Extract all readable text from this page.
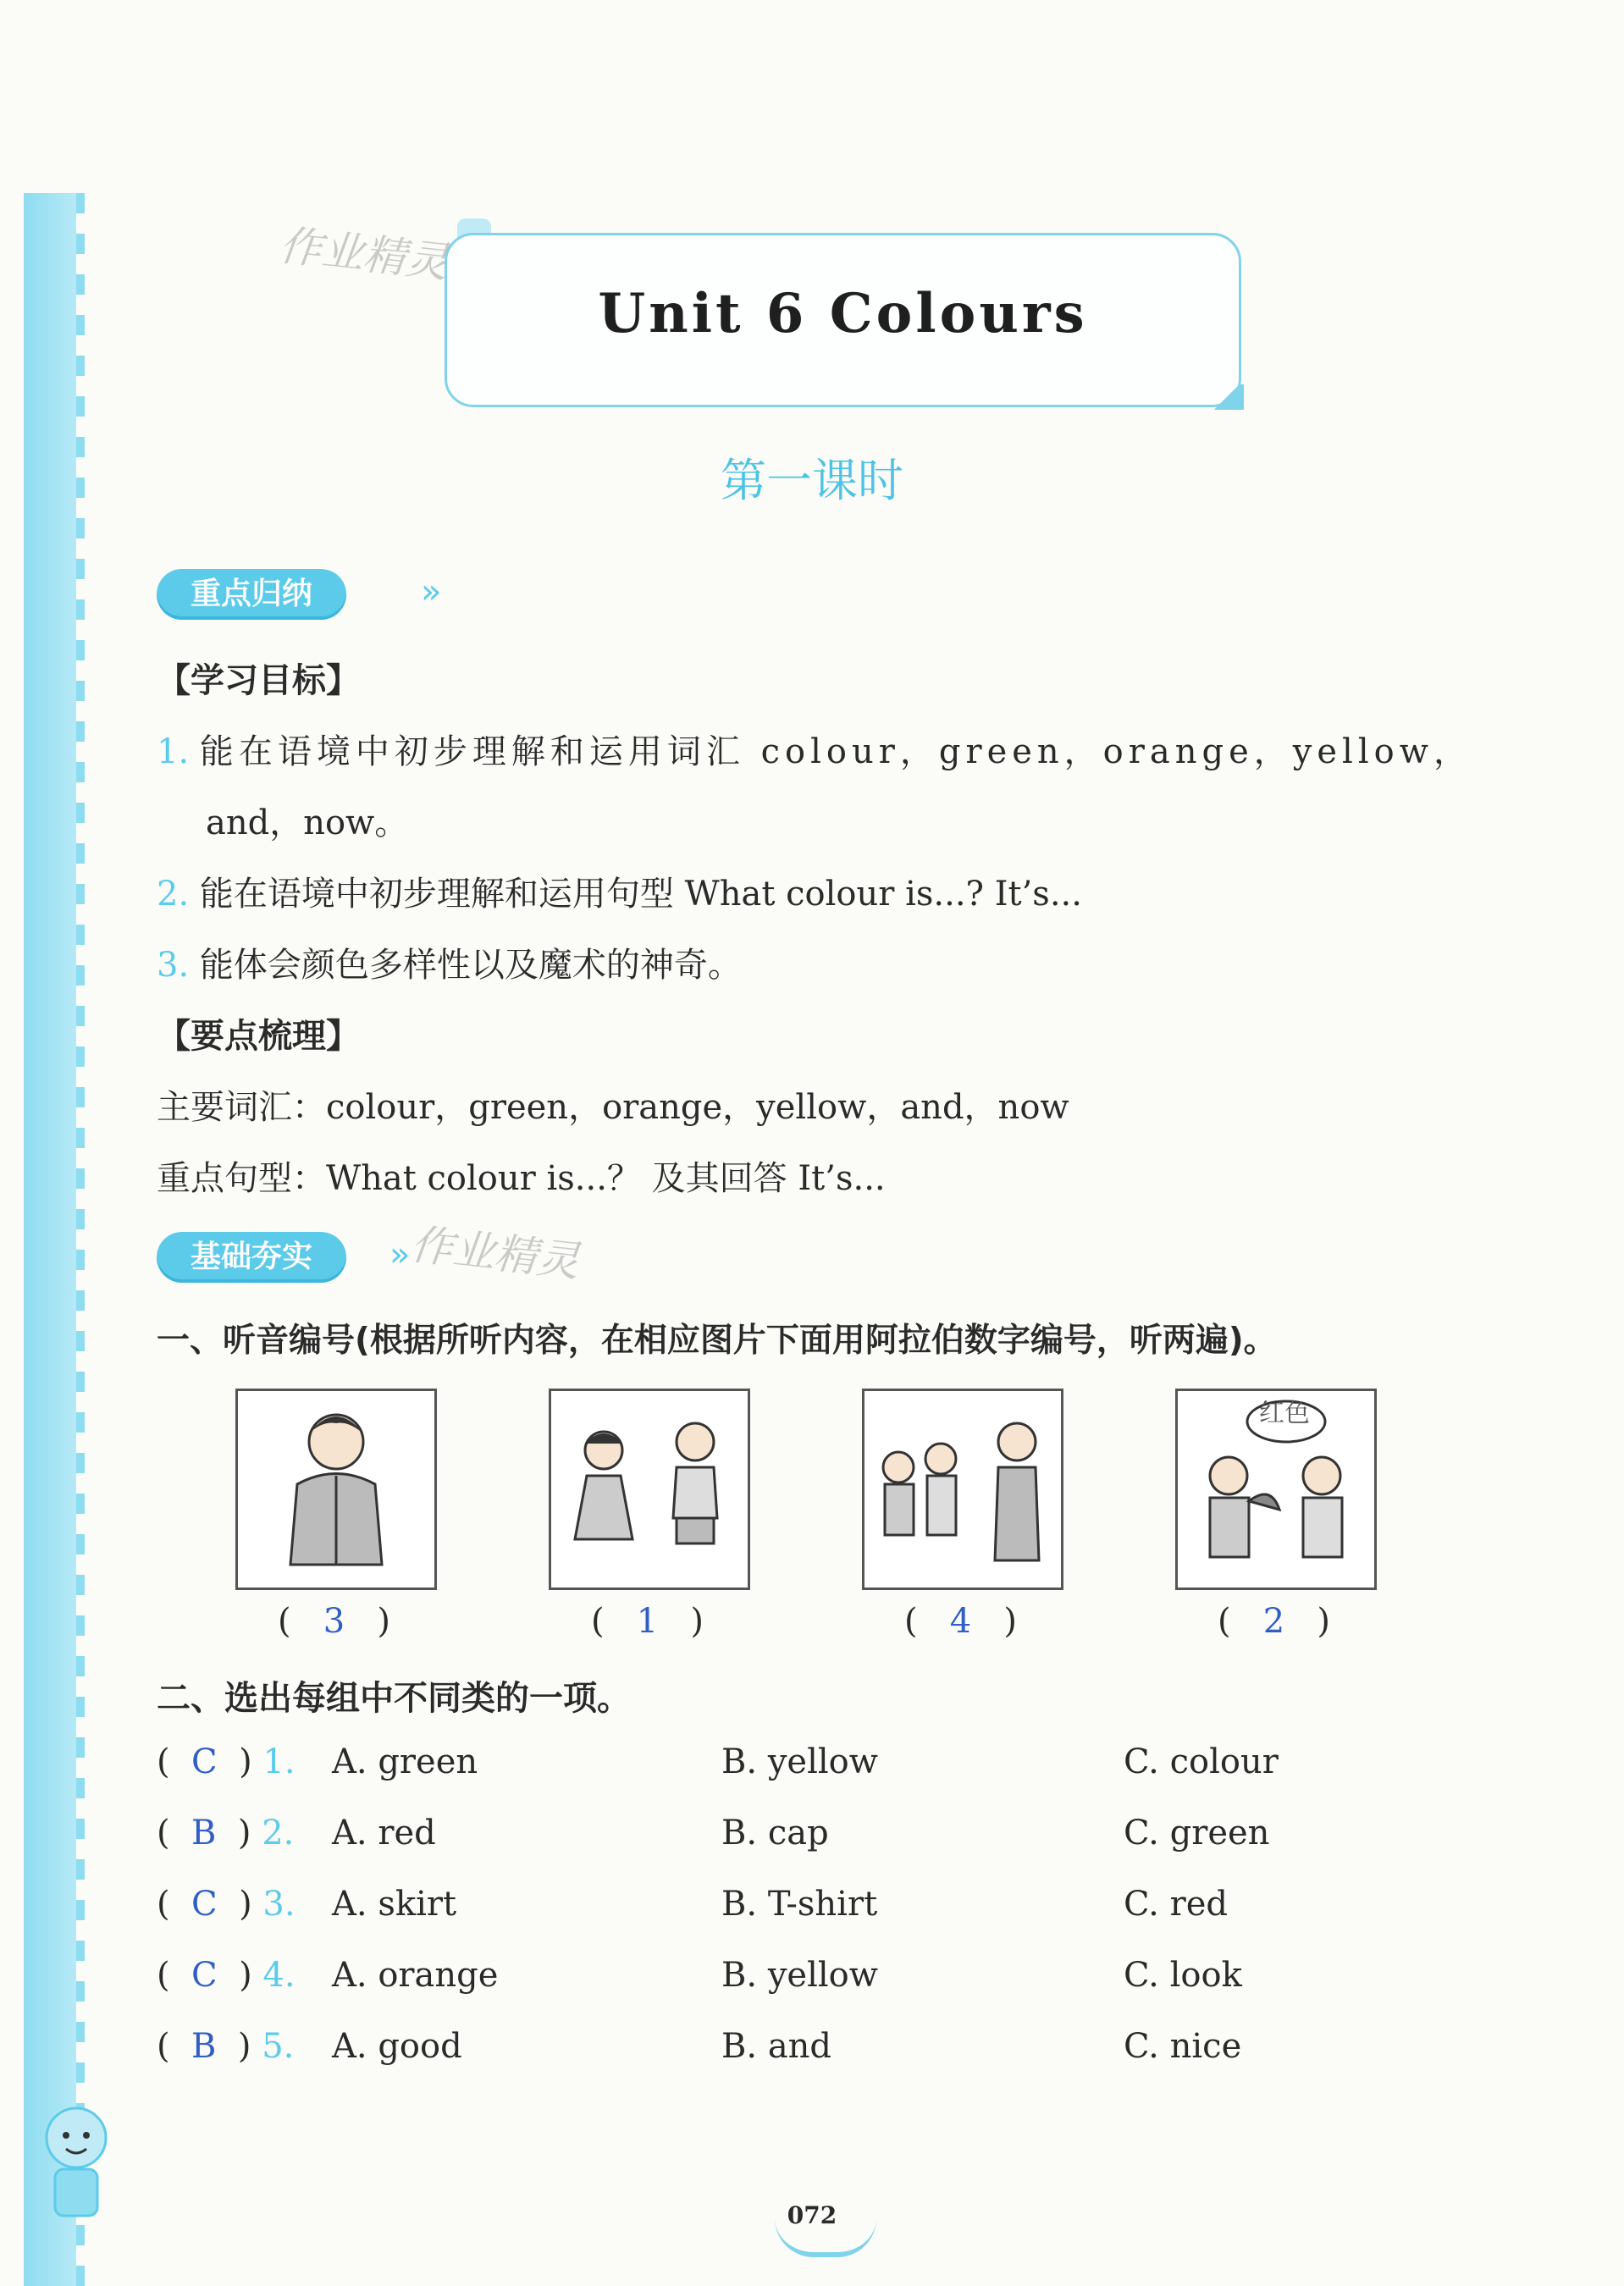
Unit 6 Colours
作业精灵
第一课时
重点归纳	»
【学习目标】
1. 能在语境中初步理解和运用词汇 colour，green，orange，yellow，
and，now。
2. 能在语境中初步理解和运用句型 What colour is...? It’s...
3. 能体会颜色多样性以及魔术的神奇。
【要点梳理】
主要词汇：colour，green，orange，yellow，and，now
重点句型：What colour is...？ 及其回答 It’s...
基础夯实	»
作业精灵
一、听音编号(根据所听内容，在相应图片下面用阿拉伯数字编号，听两遍)。
红色
(   3   )	(   1   )	(   4   )	(   2   )
二、选出每组中不同类的一项。
(  C  ) 1. A. green	B. yellow	C. colour
(  B  ) 2. A. red	B. cap	C. green
(  C  ) 3. A. skirt	B. T-shirt	C. red
(  C  ) 4. A. orange	B. yellow	C. look
(  B  ) 5. A. good	B. and	C. nice
072
